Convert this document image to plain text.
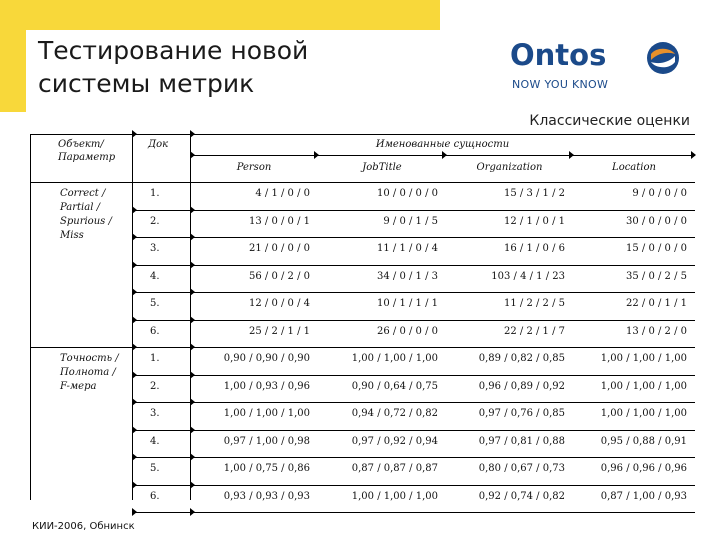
Тестирование новой
системы метрик
Ontos
NOW YOU KNOW
Классические оценки
Объект/
Параметр
Док	Именованные сущности
Person	JobTitle	Organization	Location
Correct /
Partial /
Spurious /
Miss
1.	4 / 1 / 0 / 0	10 / 0 / 0 / 0	15 / 3 / 1 / 2	9 / 0 / 0 / 0
2.	13 / 0 / 0 / 1	9 / 0 / 1 / 5	12 / 1 / 0 / 1	30 / 0 / 0 / 0
3.	21 / 0 / 0 / 0	11 / 1 / 0 / 4	16 / 1 / 0 / 6	15 / 0 / 0 / 0
4.	56 / 0 / 2 / 0	34 / 0 / 1 / 3	103 / 4 / 1 / 23	35 / 0 / 2 / 5
5.	12 / 0 / 0 / 4	10 / 1 / 1 / 1	11 / 2 / 2 / 5	22 / 0 / 1 / 1
6.	25 / 2 / 1 / 1	26 / 0 / 0 / 0	22 / 2 / 1 / 7	13 / 0 / 2 / 0
Точность /
Полнота /
F-мера
1.	0,90 / 0,90 / 0,90	1,00 / 1,00 / 1,00	0,89 / 0,82 / 0,85	1,00 / 1,00 / 1,00
2.	1,00 / 0,93 / 0,96	0,90 / 0,64 / 0,75	0,96 / 0,89 / 0,92	1,00 / 1,00 / 1,00
3.	1,00 / 1,00 / 1,00	0,94 / 0,72 / 0,82	0,97 / 0,76 / 0,85	1,00 / 1,00 / 1,00
4.	0,97 / 1,00 / 0,98	0,97 / 0,92 / 0,94	0,97 / 0,81 / 0,88	0,95 / 0,88 / 0,91
5.	1,00 / 0,75 / 0,86	0,87 / 0,87 / 0,87	0,80 / 0,67 / 0,73	0,96 / 0,96 / 0,96
6.	0,93 / 0,93 / 0,93	1,00 / 1,00 / 1,00	0,92 / 0,74 / 0,82	0,87 / 1,00 / 0,93
КИИ-2006, Обнинск
